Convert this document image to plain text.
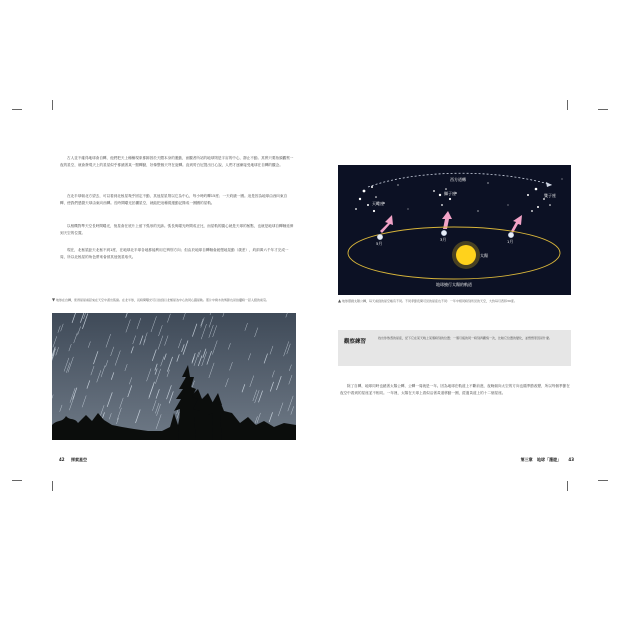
古人並不確得地球會自轉，他們把天上種種現象都歸因於天體本身的運動，而觀者所站的地球則是宇宙的中心，靜止不動。其實只要抬頭觀察一夜的星空，就會發現天上的星星似乎都繞著某一點轉動，好像整個天穹在旋轉。直到哥白尼提出日心說，人們才逐漸接受地球在自轉的觀念。
在北半球朝北方望去，可以看到北極星幾乎固定不動，其他星星則以它為中心，每小時約轉15度；一天約繞一圈。這是因為地球由西向東自轉，使我們感覺天球由東向西轉。長時間曝光拍攝星空，就能把這種視運動記錄成一圈圈的星軌。
以相機對準天空長時間曝光，恆星會在底片上留下弧形的光跡。弧長與曝光時間成正比，而星軌的圓心就是天球的極點，也就是地球自轉軸延伸到天空的位置。
現在，北極星距天北極不到1度，在地球北半球各地都能利用它辨別方向；但由於地球自轉軸會緩慢地晃動（歲差），約兩萬六千年才完成一周，所以北極星的角色將來會被其他恆星取代。
▼ 地球在自轉，使得星星看起來在天空中畫出弧線。在北半球，長時間曝光可以拍到以北極星為中心的同心圓星軌。照片中樹木的剪影也是拍攝時一起入鏡的前景。
42 探索星空
西方道轉
獅子座
天蠍座
雙子座
太陽
5月
3月	1月
地球繞行太陽的軌道
▲ 地球環繞太陽公轉，每天看到的星空略有不同。不同季節夜間可見的星座也不同：一年中相同時刻所見的天空，大約每月西移30度。
觀察練習
找出你熟悉的星座，記下它在某天晚上某個時刻的位置；一個月後的同一時刻再觀察一次，比較它位置的變化，並想想原因是什麼。
除了自轉，地球同時也繞著太陽公轉，公轉一周就是一年。因為地球在軌道上不斷前進，夜晚朝向太空的方向也隨季節改變，所以每個季節在夜空中看到的星座並不相同。一年裡，太陽在天球上看似沿著黃道移動一圈，經過黃道上的十二個星座。
第三章 地球「漫遊」 43
